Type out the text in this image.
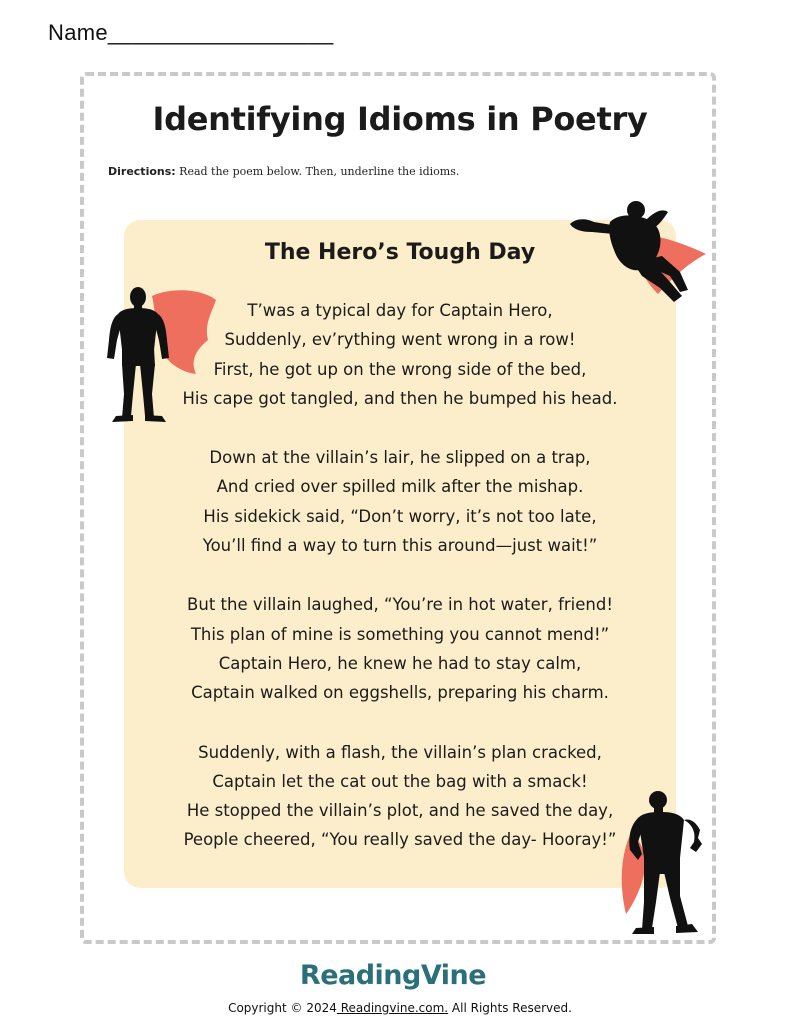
Name__________________
Identifying Idioms in Poetry
Directions: Read the poem below. Then, underline the idioms.
The Hero’s Tough Day
T’was a typical day for Captain Hero,
Suddenly, ev’rything went wrong in a row!
First, he got up on the wrong side of the bed,
His cape got tangled, and then he bumped his head.
Down at the villain’s lair, he slipped on a trap,
And cried over spilled milk after the mishap.
His sidekick said, “Don’t worry, it’s not too late,
You’ll find a way to turn this around—just wait!”
But the villain laughed, “You’re in hot water, friend!
This plan of mine is something you cannot mend!”
Captain Hero, he knew he had to stay calm,
Captain walked on eggshells, preparing his charm.
Suddenly, with a flash, the villain’s plan cracked,
Captain let the cat out the bag with a smack!
He stopped the villain’s plot, and he saved the day,
People cheered, “You really saved the day- Hooray!”
ReadingVine
Copyright © 2024 Readingvine.com. All Rights Reserved.
